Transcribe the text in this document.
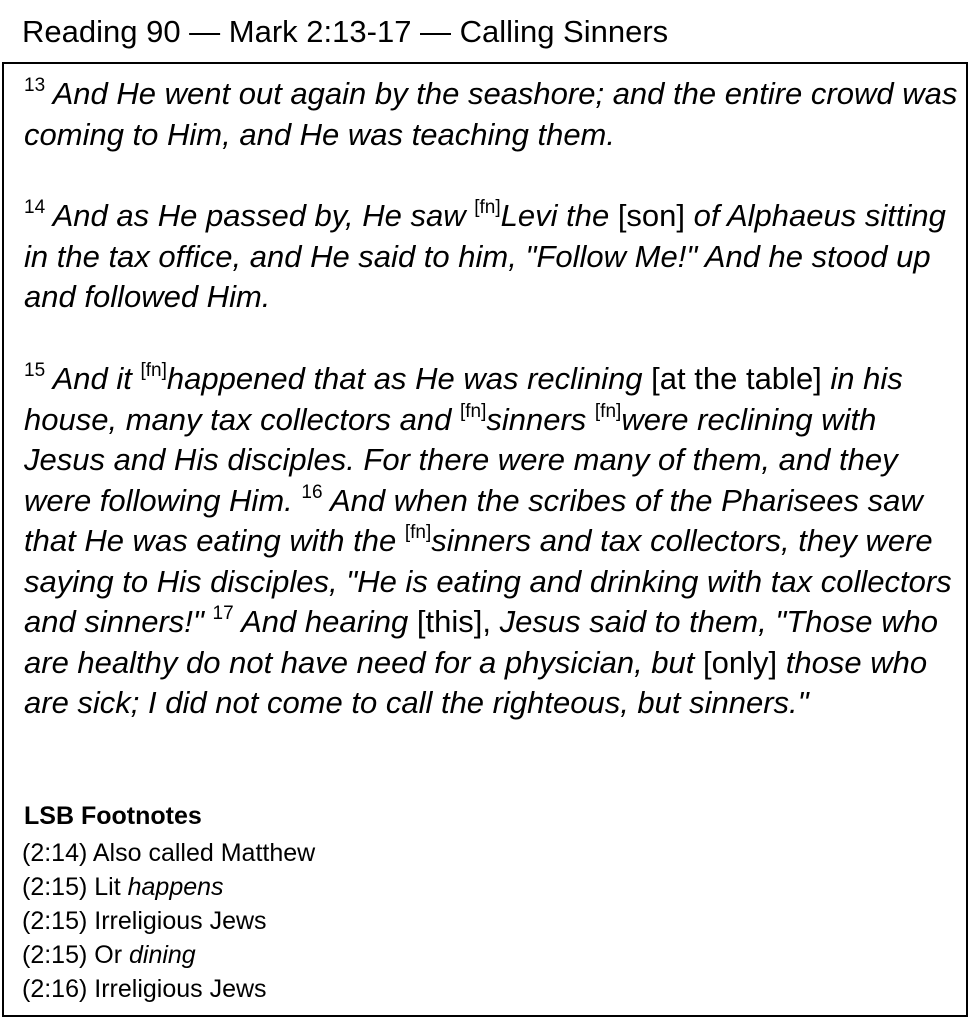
Reading 90 — Mark 2:13-17 — Calling Sinners
$^{13}$ And He went out again by the seashore; and the entire crowd was coming to Him, and He was teaching them.
$^{14}$ And as He passed by, He saw [fn]Levi the [son] of Alphaeus sitting in the tax office, and He said to him, "Follow Me!" And he stood up and followed Him.
$^{15}$ And it [fn]happened that as He was reclining [at the table] in his house, many tax collectors and [fn]sinners [fn]were reclining with Jesus and His disciples. For there were many of them, and they were following Him. $^{16}$ And when the scribes of the Pharisees saw that He was eating with the [fn]sinners and tax collectors, they were saying to His disciples, "He is eating and drinking with tax collectors and sinners!" $^{17}$ And hearing [this], Jesus said to them, "Those who are healthy do not have need for a physician, but [only] those who are sick; I did not come to call the righteous, but sinners."
LSB Footnotes
(2:14) Also called Matthew
(2:15) Lit happens
(2:15) Irreligious Jews
(2:15) Or dining
(2:16) Irreligious Jews
